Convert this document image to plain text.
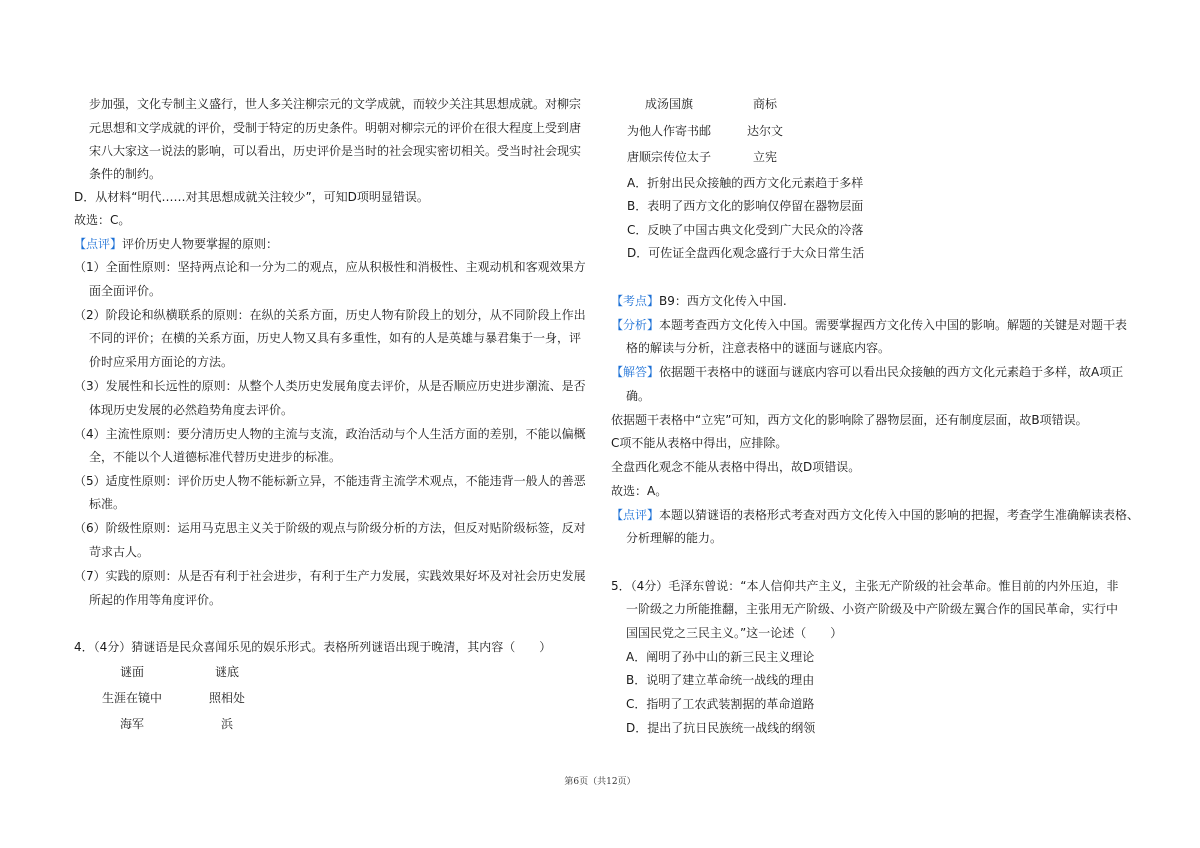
步加强，文化专制主义盛行，世人多关注柳宗元的文学成就，而较少关注其思想成就。对柳宗
元思想和文学成就的评价，受制于特定的历史条件。明朝对柳宗元的评价在很大程度上受到唐
宋八大家这一说法的影响，可以看出，历史评价是当时的社会现实密切相关。受当时社会现实
条件的制约。
D．从材料“明代……对其思想成就关注较少”，可知D项明显错误。
故选：C。
【点评】评价历史人物要掌握的原则：
（1）全面性原则：坚持两点论和一分为二的观点，应从积极性和消极性、主观动机和客观效果方
面全面评价。
（2）阶段论和纵横联系的原则：在纵的关系方面，历史人物有阶段上的划分，从不同阶段上作出
不同的评价；在横的关系方面，历史人物又具有多重性，如有的人是英雄与暴君集于一身，评
价时应采用方面论的方法。
（3）发展性和长远性的原则：从整个人类历史发展角度去评价，从是否顺应历史进步潮流、是否
体现历史发展的必然趋势角度去评价。
（4）主流性原则：要分清历史人物的主流与支流，政治活动与个人生活方面的差别，不能以偏概
全，不能以个人道德标准代替历史进步的标准。
（5）适度性原则：评价历史人物不能标新立异，不能违背主流学术观点，不能违背一般人的善恶
标准。
（6）阶级性原则：运用马克思主义关于阶级的观点与阶级分析的方法，但反对贴阶级标签，反对
苛求古人。
（7）实践的原则：从是否有利于社会进步，有利于生产力发展，实践效果好坏及对社会历史发展
所起的作用等角度评价。
4．（4分）猜谜语是民众喜闻乐见的娱乐形式。表格所列谜语出现于晚清，其内容（　　）
谜面	谜底
生涯在镜中	照相处
海军	浜
成汤国旗	商标
为他人作寄书邮	达尔文
唐顺宗传位太子	立宪
A．折射出民众接触的西方文化元素趋于多样
B．表明了西方文化的影响仅停留在器物层面
C．反映了中国古典文化受到广大民众的冷落
D．可佐证全盘西化观念盛行于大众日常生活
【考点】B9：西方文化传入中国.
【分析】本题考查西方文化传入中国。需要掌握西方文化传入中国的影响。解题的关键是对题干表
格的解读与分析，注意表格中的谜面与谜底内容。
【解答】依据题干表格中的谜面与谜底内容可以看出民众接触的西方文化元素趋于多样，故A项正
确。
依据题干表格中“立宪”可知，西方文化的影响除了器物层面，还有制度层面，故B项错误。
C项不能从表格中得出，应排除。
全盘西化观念不能从表格中得出，故D项错误。
故选：A。
【点评】本题以猜谜语的表格形式考查对西方文化传入中国的影响的把握，考查学生准确解读表格、
分析理解的能力。
5．（4分）毛泽东曾说：“本人信仰共产主义，主张无产阶级的社会革命。惟目前的内外压迫，非
一阶级之力所能推翻，主张用无产阶级、小资产阶级及中产阶级左翼合作的国民革命，实行中
国国民党之三民主义。”这一论述（　　）
A．阐明了孙中山的新三民主义理论
B．说明了建立革命统一战线的理由
C．指明了工农武装割据的革命道路
D．提出了抗日民族统一战线的纲领
第6页（共12页）
